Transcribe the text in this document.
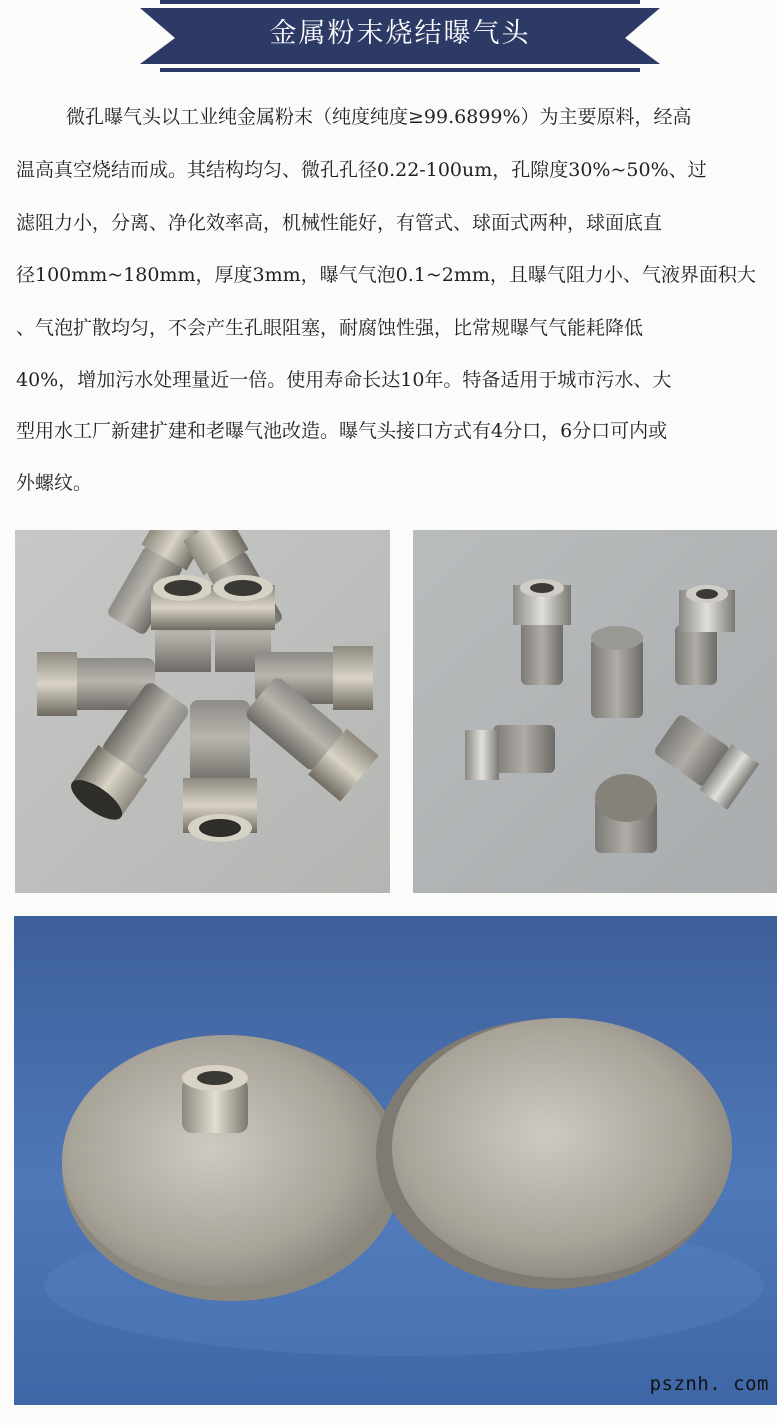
金属粉末烧结曝气头
微孔曝气头以工业纯金属粉末（纯度纯度≥99.6899%）为主要原料，经高
温高真空烧结而成。其结构均匀、微孔孔径0.22-100um，孔隙度30%~50%、过
滤阻力小，分离、净化效率高，机械性能好，有管式、球面式两种，球面底直
径100mm~180mm，厚度3mm，曝气气泡0.1~2mm，且曝气阻力小、气液界面积大
、气泡扩散均匀，不会产生孔眼阻塞，耐腐蚀性强，比常规曝气气能耗降低
40%，增加污水处理量近一倍。使用寿命长达10年。特备适用于城市污水、大
型用水工厂新建扩建和老曝气池改造。曝气头接口方式有4分口，6分口可内或
外螺纹。
psznh. com
